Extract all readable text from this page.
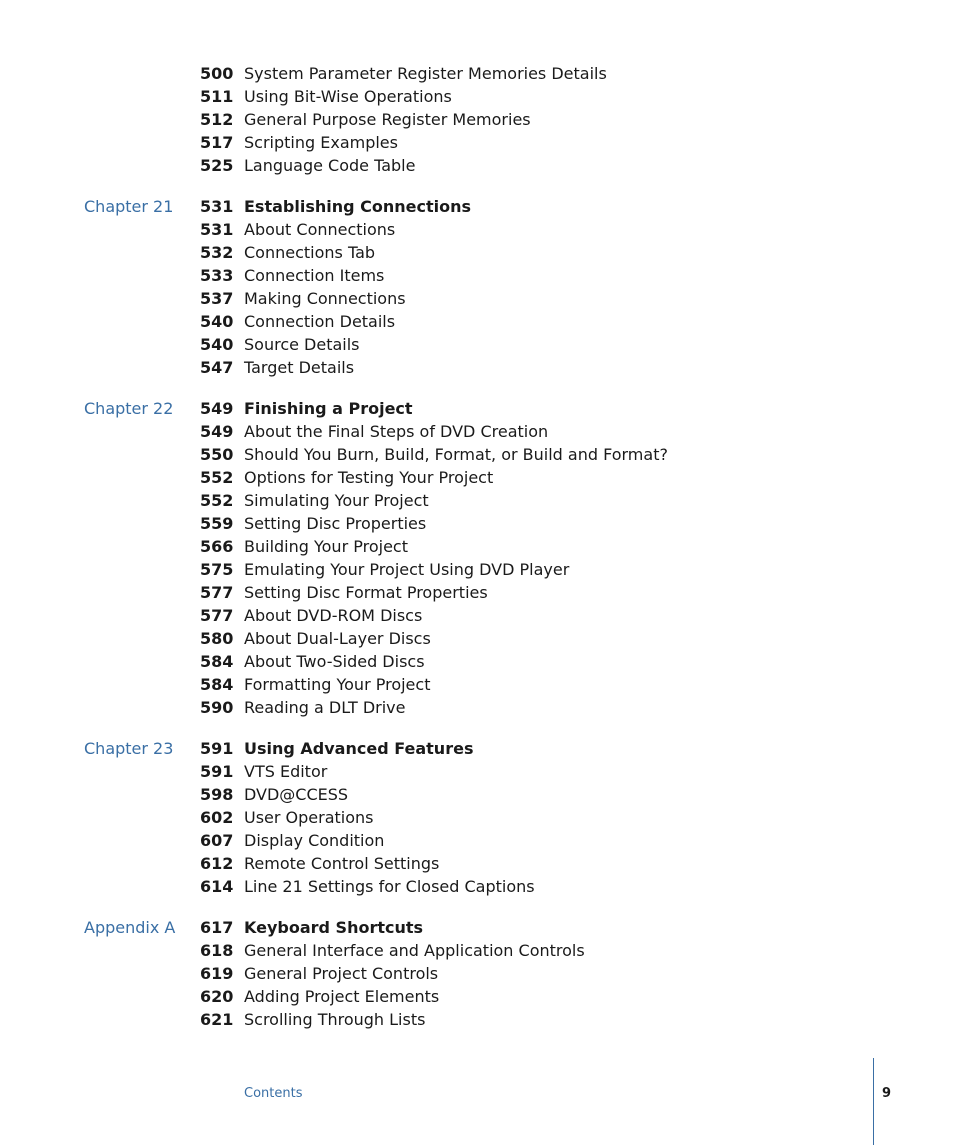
500 System Parameter Register Memories Details
511 Using Bit-Wise Operations
512 General Purpose Register Memories
517 Scripting Examples
525 Language Code Table
Chapter 21 531 Establishing Connections
531 About Connections
532 Connections Tab
533 Connection Items
537 Making Connections
540 Connection Details
540 Source Details
547 Target Details
Chapter 22 549 Finishing a Project
549 About the Final Steps of DVD Creation
550 Should You Burn, Build, Format, or Build and Format?
552 Options for Testing Your Project
552 Simulating Your Project
559 Setting Disc Properties
566 Building Your Project
575 Emulating Your Project Using DVD Player
577 Setting Disc Format Properties
577 About DVD-ROM Discs
580 About Dual-Layer Discs
584 About Two-Sided Discs
584 Formatting Your Project
590 Reading a DLT Drive
Chapter 23 591 Using Advanced Features
591 VTS Editor
598 DVD@CCESS
602 User Operations
607 Display Condition
612 Remote Control Settings
614 Line 21 Settings for Closed Captions
Appendix A 617 Keyboard Shortcuts
618 General Interface and Application Controls
619 General Project Controls
620 Adding Project Elements
621 Scrolling Through Lists
Contents	9
